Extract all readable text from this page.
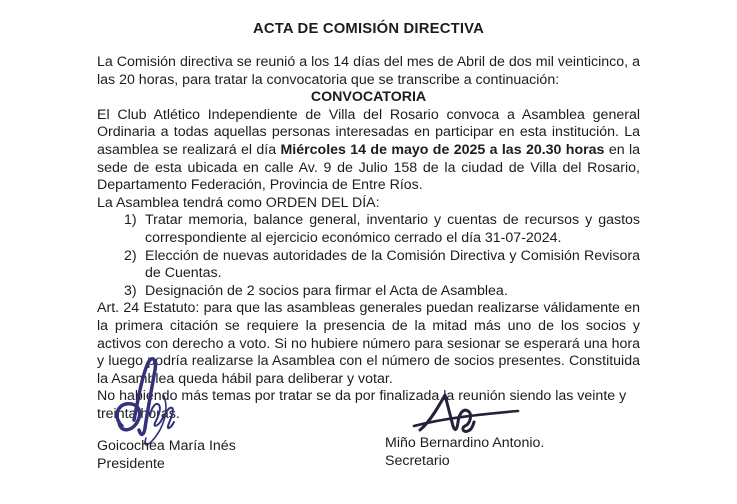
ACTA DE COMISIÓN DIRECTIVA

La Comisión directiva se reunió a los 14 días del mes de Abril de dos mil veinticinco, a las 20 horas, para tratar la convocatoria que se transcribe a continuación:

CONVOCATORIA

El Club Atlético Independiente de Villa del Rosario convoca a Asamblea general Ordinaria a todas aquellas personas interesadas en participar en esta institución. La asamblea se realizará el día Miércoles 14 de mayo de 2025 a las 20.30 horas en la sede de esta ubicada en calle Av. 9 de Julio 158 de la ciudad de Villa del Rosario, Departamento Federación, Provincia de Entre Ríos.

La Asamblea tendrá como ORDEN DEL DÍA:

1) Tratar memoria, balance general, inventario y cuentas de recursos y gastos correspondiente al ejercicio económico cerrado el día 31-07-2024.
2) Elección de nuevas autoridades de la Comisión Directiva y Comisión Revisora de Cuentas.
3) Designación de 2 socios para firmar el Acta de Asamblea.

Art. 24 Estatuto: para que las asambleas generales puedan realizarse válidamente en la primera citación se requiere la presencia de la mitad más uno de los socios y activos con derecho a voto. Si no hubiere número para sesionar se esperará una hora y luego podría realizarse la Asamblea con el número de socios presentes. Constituida la Asamblea queda hábil para deliberar y votar.

No habiendo más temas por tratar se da por finalizada la reunión siendo las veinte y treinta horas.

Goicochea María Inés
Presidente
Miño Bernardino Antonio.
Secretario
